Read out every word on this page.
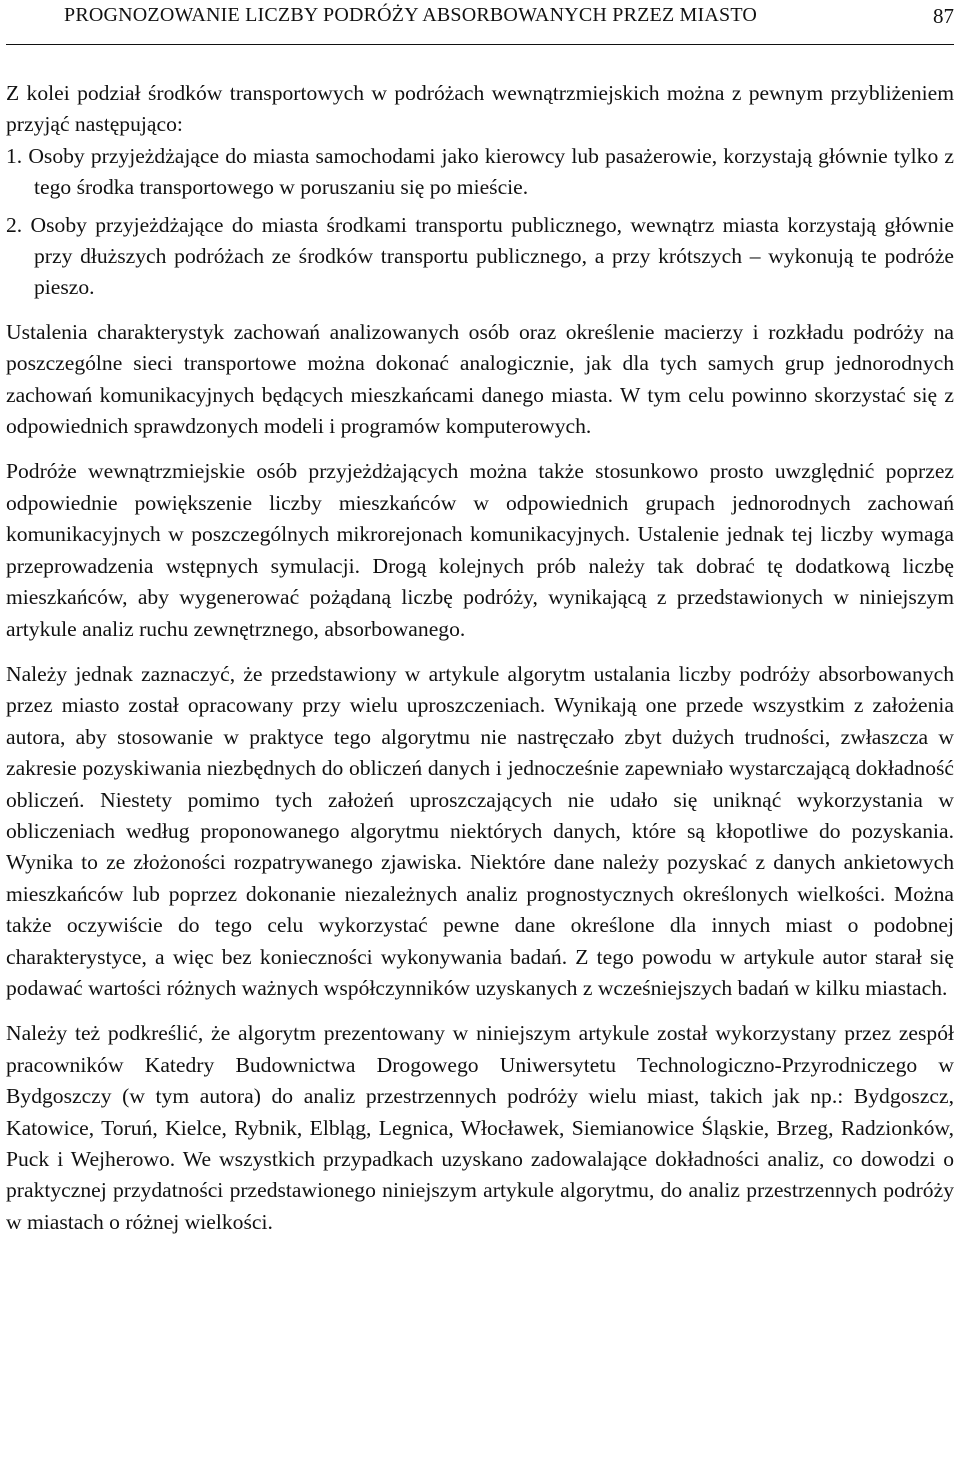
PROGNOZOWANIE LICZBY PODRÓŻY ABSORBOWANYCH PRZEZ MIASTO	87

Z kolei podział środków transportowych w podróżach wewnątrzmiejskich można z pewnym przybliżeniem przyjąć następująco:

1. Osoby przyjeżdżające do miasta samochodami jako kierowcy lub pasażerowie, korzystają głównie tylko z tego środka transportowego w poruszaniu się po mieście.

2. Osoby przyjeżdżające do miasta środkami transportu publicznego, wewnątrz miasta korzystają głównie przy dłuższych podróżach ze środków transportu publicznego, a przy krótszych – wykonują te podróże pieszo.

Ustalenia charakterystyk zachowań analizowanych osób oraz określenie macierzy i rozkładu podróży na poszczególne sieci transportowe można dokonać analogicznie, jak dla tych samych grup jednorodnych zachowań komunikacyjnych będących mieszkańcami danego miasta. W tym celu powinno skorzystać się z odpowiednich sprawdzonych modeli i programów komputerowych.

Podróże wewnątrzmiejskie osób przyjeżdżających można także stosunkowo prosto uwzględnić poprzez odpowiednie powiększenie liczby mieszkańców w odpowiednich grupach jednorodnych zachowań komunikacyjnych w poszczególnych mikrorejonach komunikacyjnych. Ustalenie jednak tej liczby wymaga przeprowadzenia wstępnych symulacji. Drogą kolejnych prób należy tak dobrać tę dodatkową liczbę mieszkańców, aby wygenerować pożądaną liczbę podróży, wynikającą z przedstawionych w niniejszym artykule analiz ruchu zewnętrznego, absorbowanego.

Należy jednak zaznaczyć, że przedstawiony w artykule algorytm ustalania liczby podróży absorbowanych przez miasto został opracowany przy wielu uproszczeniach. Wynikają one przede wszystkim z założenia autora, aby stosowanie w praktyce tego algorytmu nie nastręczało zbyt dużych trudności, zwłaszcza w zakresie pozyskiwania niezbędnych do obliczeń danych i jednocześnie zapewniało wystarczającą dokładność obliczeń. Niestety pomimo tych założeń uproszczających nie udało się uniknąć wykorzystania w obliczeniach według proponowanego algorytmu niektórych danych, które są kłopotliwe do pozyskania. Wynika to ze złożoności rozpatrywanego zjawiska. Niektóre dane należy pozyskać z danych ankietowych mieszkańców lub poprzez dokonanie niezależnych analiz prognostycznych określonych wielkości. Można także oczywiście do tego celu wykorzystać pewne dane określone dla innych miast o podobnej charakterystyce, a więc bez konieczności wykonywania badań. Z tego powodu w artykule autor starał się podawać wartości różnych ważnych współczynników uzyskanych z wcześniejszych badań w kilku miastach.

Należy też podkreślić, że algorytm prezentowany w niniejszym artykule został wykorzystany przez zespół pracowników Katedry Budownictwa Drogowego Uniwersytetu Technologiczno-Przyrodniczego w Bydgoszczy (w tym autora) do analiz przestrzennych podróży wielu miast, takich jak np.: Bydgoszcz, Katowice, Toruń, Kielce, Rybnik, Elbląg, Legnica, Włocławek, Siemianowice Śląskie, Brzeg, Radzionków, Puck i Wejherowo. We wszystkich przypadkach uzyskano zadowalające dokładności analiz, co dowodzi o praktycznej przydatności przedstawionego niniejszym artykule algorytmu, do analiz przestrzennych podróży w miastach o różnej wielkości.
